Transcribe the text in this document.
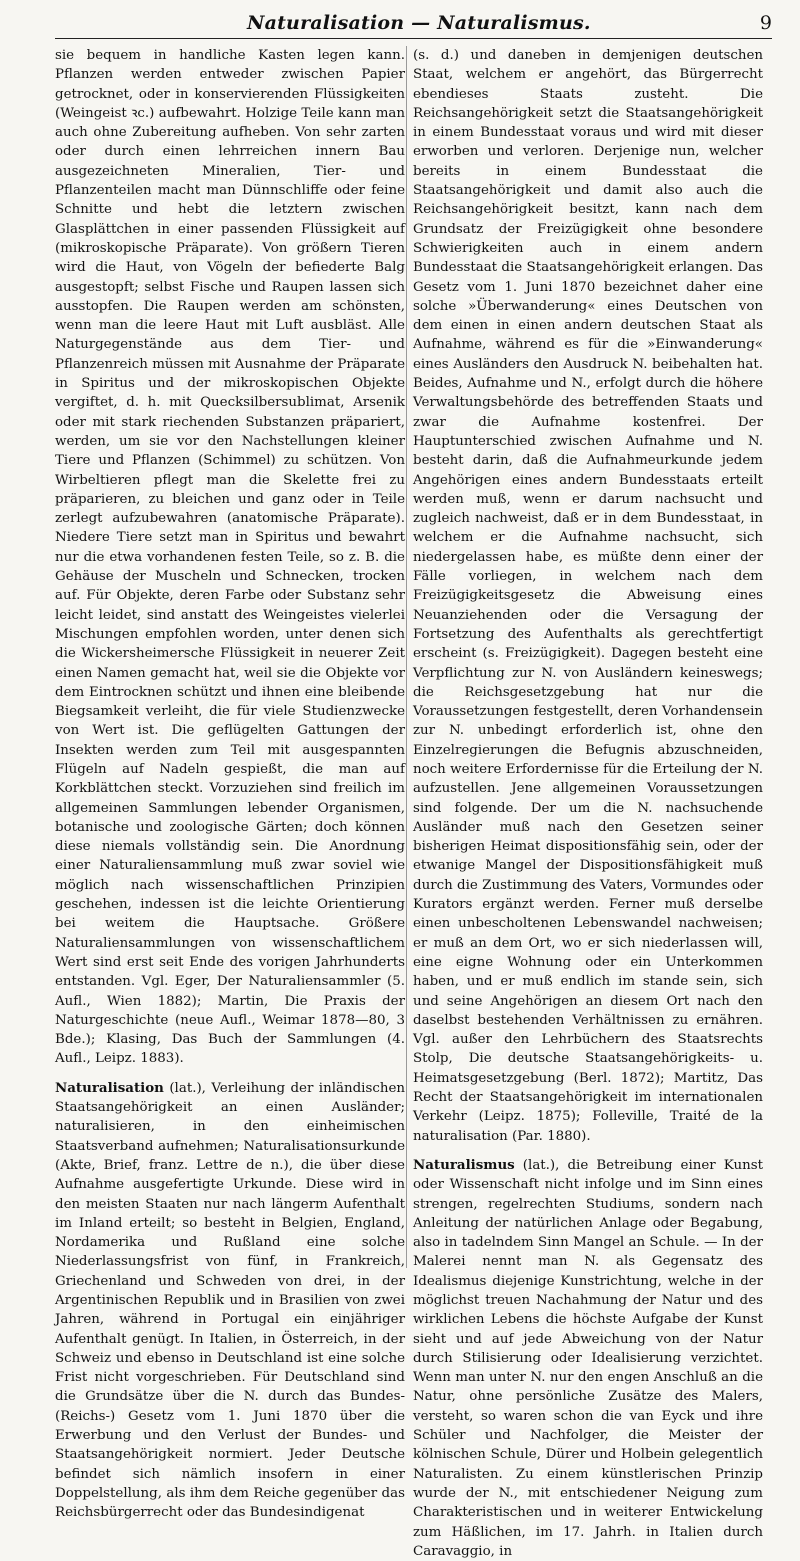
Naturalisation — Naturalismus.	9

sie bequem in handliche Kasten legen kann. Pflanzen werden entweder zwischen Papier getrocknet, oder in konservierenden Flüssigkeiten (Weingeist ꝛc.) aufbewahrt. Holzige Teile kann man auch ohne Zubereitung aufheben. Von sehr zarten oder durch einen lehrreichen innern Bau ausgezeichneten Mineralien, Tier- und Pflanzenteilen macht man Dünnschliffe oder feine Schnitte und hebt die letztern zwischen Glasplättchen in einer passenden Flüssigkeit auf (mikroskopische Präparate). Von größern Tieren wird die Haut, von Vögeln der befiederte Balg ausgestopft; selbst Fische und Raupen lassen sich ausstopfen. Die Raupen werden am schönsten, wenn man die leere Haut mit Luft ausbläst. Alle Naturgegenstände aus dem Tier- und Pflanzenreich müssen mit Ausnahme der Präparate in Spiritus und der mikroskopischen Objekte vergiftet, d. h. mit Quecksilbersublimat, Arsenik oder mit stark riechenden Substanzen präpariert, werden, um sie vor den Nachstellungen kleiner Tiere und Pflanzen (Schimmel) zu schützen. Von Wirbeltieren pflegt man die Skelette frei zu präparieren, zu bleichen und ganz oder in Teile zerlegt aufzubewahren (anatomische Präparate). Niedere Tiere setzt man in Spiritus und bewahrt nur die etwa vorhandenen festen Teile, so z. B. die Gehäuse der Muscheln und Schnecken, trocken auf. Für Objekte, deren Farbe oder Substanz sehr leicht leidet, sind anstatt des Weingeistes vielerlei Mischungen empfohlen worden, unter denen sich die Wickersheimersche Flüssigkeit in neuerer Zeit einen Namen gemacht hat, weil sie die Objekte vor dem Eintrocknen schützt und ihnen eine bleibende Biegsamkeit verleiht, die für viele Studienzwecke von Wert ist. Die geflügelten Gattungen der Insekten werden zum Teil mit ausgespannten Flügeln auf Nadeln gespießt, die man auf Korkblättchen steckt. Vorzuziehen sind freilich im allgemeinen Sammlungen lebender Organismen, botanische und zoologische Gärten; doch können diese niemals vollständig sein. Die Anordnung einer Naturaliensammlung muß zwar soviel wie möglich nach wissenschaftlichen Prinzipien geschehen, indessen ist die leichte Orientierung bei weitem die Hauptsache. Größere Naturaliensammlungen von wissenschaftlichem Wert sind erst seit Ende des vorigen Jahrhunderts entstanden. Vgl. Eger, Der Naturaliensammler (5. Aufl., Wien 1882); Martin, Die Praxis der Naturgeschichte (neue Aufl., Weimar 1878—80, 3 Bde.); Klasing, Das Buch der Sammlungen (4. Aufl., Leipz. 1883).

Naturalisation (lat.), Verleihung der inländischen Staatsangehörigkeit an einen Ausländer; naturalisieren, in den einheimischen Staatsverband aufnehmen; Naturalisationsurkunde (Akte, Brief, franz. Lettre de n.), die über diese Aufnahme ausgefertigte Urkunde. Diese wird in den meisten Staaten nur nach längerm Aufenthalt im Inland erteilt; so besteht in Belgien, England, Nordamerika und Rußland eine solche Niederlassungsfrist von fünf, in Frankreich, Griechenland und Schweden von drei, in der Argentinischen Republik und in Brasilien von zwei Jahren, während in Portugal ein einjähriger Aufenthalt genügt. In Italien, in Österreich, in der Schweiz und ebenso in Deutschland ist eine solche Frist nicht vorgeschrieben. Für Deutschland sind die Grundsätze über die N. durch das Bundes- (Reichs-) Gesetz vom 1. Juni 1870 über die Erwerbung und den Verlust der Bundes- und Staatsangehörigkeit normiert. Jeder Deutsche befindet sich nämlich insofern in einer Doppelstellung, als ihm dem Reiche gegenüber das Reichsbürgerrecht oder das Bundesindigenat

(s. d.) und daneben in demjenigen deutschen Staat, welchem er angehört, das Bürgerrecht ebendieses Staats zusteht. Die Reichsangehörigkeit setzt die Staatsangehörigkeit in einem Bundesstaat voraus und wird mit dieser erworben und verloren. Derjenige nun, welcher bereits in einem Bundesstaat die Staatsangehörigkeit und damit also auch die Reichsangehörigkeit besitzt, kann nach dem Grundsatz der Freizügigkeit ohne besondere Schwierigkeiten auch in einem andern Bundesstaat die Staatsangehörigkeit erlangen. Das Gesetz vom 1. Juni 1870 bezeichnet daher eine solche »Überwanderung« eines Deutschen von dem einen in einen andern deutschen Staat als Aufnahme, während es für die »Einwanderung« eines Ausländers den Ausdruck N. beibehalten hat. Beides, Aufnahme und N., erfolgt durch die höhere Verwaltungsbehörde des betreffenden Staats und zwar die Aufnahme kostenfrei. Der Hauptunterschied zwischen Aufnahme und N. besteht darin, daß die Aufnahmeurkunde jedem Angehörigen eines andern Bundesstaats erteilt werden muß, wenn er darum nachsucht und zugleich nachweist, daß er in dem Bundesstaat, in welchem er die Aufnahme nachsucht, sich niedergelassen habe, es müßte denn einer der Fälle vorliegen, in welchem nach dem Freizügigkeitsgesetz die Abweisung eines Neuanziehenden oder die Versagung der Fortsetzung des Aufenthalts als gerechtfertigt erscheint (s. Freizügigkeit). Dagegen besteht eine Verpflichtung zur N. von Ausländern keineswegs; die Reichsgesetzgebung hat nur die Voraussetzungen festgestellt, deren Vorhandensein zur N. unbedingt erforderlich ist, ohne den Einzelregierungen die Befugnis abzuschneiden, noch weitere Erfordernisse für die Erteilung der N. aufzustellen. Jene allgemeinen Voraussetzungen sind folgende. Der um die N. nachsuchende Ausländer muß nach den Gesetzen seiner bisherigen Heimat dispositionsfähig sein, oder der etwanige Mangel der Dispositionsfähigkeit muß durch die Zustimmung des Vaters, Vormundes oder Kurators ergänzt werden. Ferner muß derselbe einen unbescholtenen Lebenswandel nachweisen; er muß an dem Ort, wo er sich niederlassen will, eine eigne Wohnung oder ein Unterkommen haben, und er muß endlich im stande sein, sich und seine Angehörigen an diesem Ort nach den daselbst bestehenden Verhältnissen zu ernähren. Vgl. außer den Lehrbüchern des Staatsrechts Stolp, Die deutsche Staatsangehörigkeits- u. Heimatsgesetzgebung (Berl. 1872); Martitz, Das Recht der Staatsangehörigkeit im internationalen Verkehr (Leipz. 1875); Folleville, Traité de la naturalisation (Par. 1880).

Naturalismus (lat.), die Betreibung einer Kunst oder Wissenschaft nicht infolge und im Sinn eines strengen, regelrechten Studiums, sondern nach Anleitung der natürlichen Anlage oder Begabung, also in tadelndem Sinn Mangel an Schule. — In der Malerei nennt man N. als Gegensatz des Idealismus diejenige Kunstrichtung, welche in der möglichst treuen Nachahmung der Natur und des wirklichen Lebens die höchste Aufgabe der Kunst sieht und auf jede Abweichung von der Natur durch Stilisierung oder Idealisierung verzichtet. Wenn man unter N. nur den engen Anschluß an die Natur, ohne persönliche Zusätze des Malers, versteht, so waren schon die van Eyck und ihre Schüler und Nachfolger, die Meister der kölnischen Schule, Dürer und Holbein gelegentlich Naturalisten. Zu einem künstlerischen Prinzip wurde der N., mit entschiedener Neigung zum Charakteristischen und in weiterer Entwickelung zum Häßlichen, im 17. Jahrh. in Italien durch Caravaggio, in
